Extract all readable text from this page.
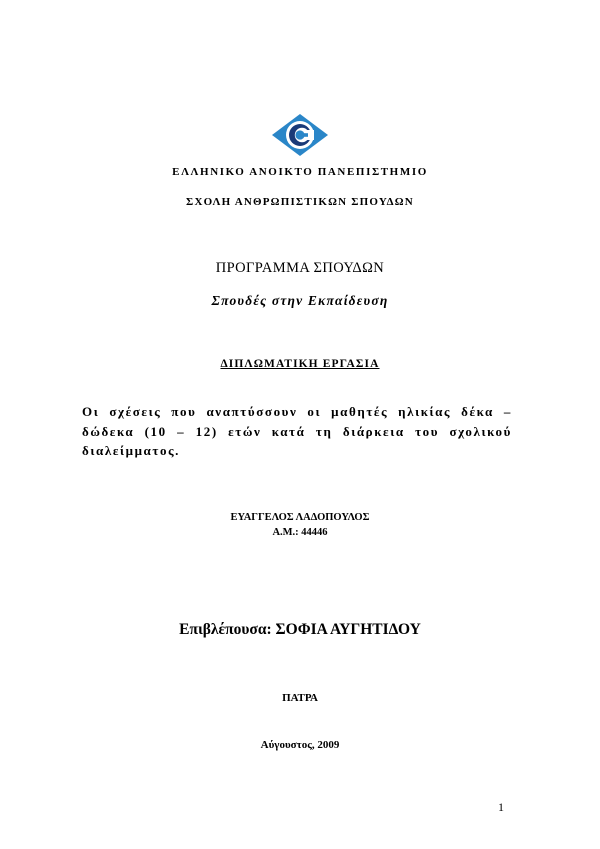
ΕΛΛΗΝΙΚΟ ΑΝΟΙΚΤΟ ΠΑΝΕΠΙΣΤΗΜΙΟ
ΣΧΟΛΗ ΑΝΘΡΩΠΙΣΤΙΚΩΝ ΣΠΟΥΔΩΝ
ΠΡΟΓΡΑΜΜΑ ΣΠΟΥΔΩΝ
Σπουδές στην Εκπαίδευση
ΔΙΠΛΩΜΑΤΙΚΗ ΕΡΓΑΣΙΑ
Οι σχέσεις που αναπτύσσουν οι μαθητές ηλικίας δέκα – δώδεκα (10 – 12) ετών κατά τη διάρκεια του σχολικού διαλείμματος.
ΕΥΑΓΓΕΛΟΣ ΛΑΔΟΠΟΥΛΟΣ
Α.Μ.: 44446
Επιβλέπουσα: ΣΟΦΙΑ ΑΥΓΗΤΙΔΟΥ
ΠΑΤΡΑ
Αύγουστος, 2009
1
